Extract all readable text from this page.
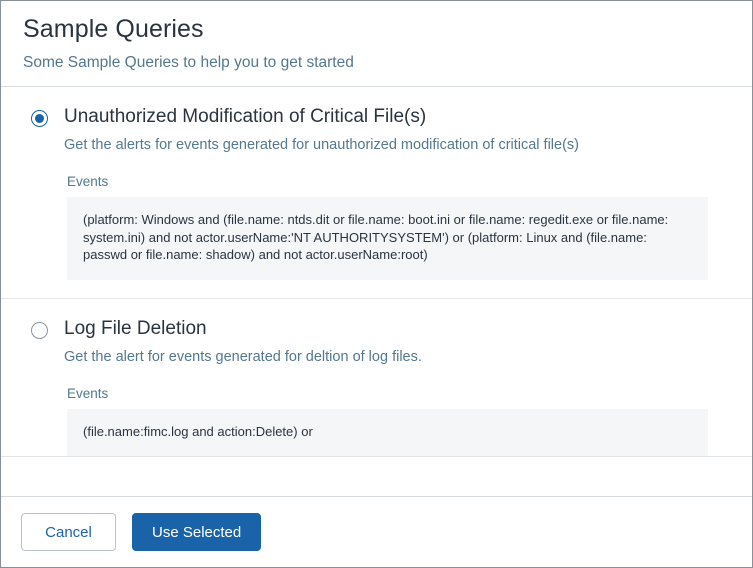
Sample Queries
Some Sample Queries to help you to get started
Unauthorized Modification of Critical File(s)
Get the alerts for events generated for unauthorized modification of critical file(s)
Events
(platform: Windows and (file.name: ntds.dit or file.name: boot.ini or file.name: regedit.exe or file.name: system.ini) and not actor.userName:'NT AUTHORITYSYSTEM') or (platform: Linux and (file.name: passwd or file.name: shadow) and not actor.userName:root)
Log File Deletion
Get the alert for events generated for deltion of log files.
Events
(file.name:fimc.log and action:Delete) or
Cancel	Use Selected
